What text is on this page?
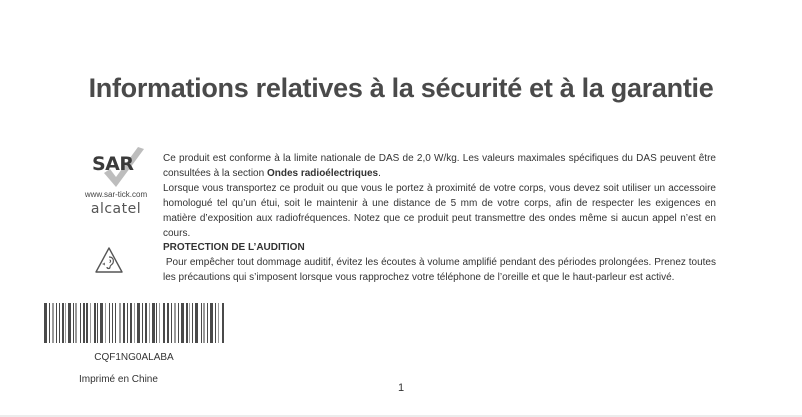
Informations relatives à la sécurité et à la garantie
SAR
www.sar-tick.com
alcatel
Ce produit est conforme à la limite nationale de DAS de 2,0 W/kg. Les valeurs maximales spécifiques du DAS peuvent être consultées à la section Ondes radioélectriques.
Lorsque vous transportez ce produit ou que vous le portez à proximité de votre corps, vous devez soit utiliser un accessoire homologué tel qu’un étui, soit le maintenir à une distance de 5 mm de votre corps, afin de respecter les exigences en matière d’exposition aux radiofréquences. Notez que ce produit peut transmettre des ondes même si aucun appel n’est en cours.
PROTECTION DE L’AUDITION
Pour empêcher tout dommage auditif, évitez les écoutes à volume amplifié pendant des périodes prolongées. Prenez toutes les précautions qui s’imposent lorsque vous rapprochez votre téléphone de l’oreille et que le haut-parleur est activé.
CQF1NG0ALABA
Imprimé en Chine
1
